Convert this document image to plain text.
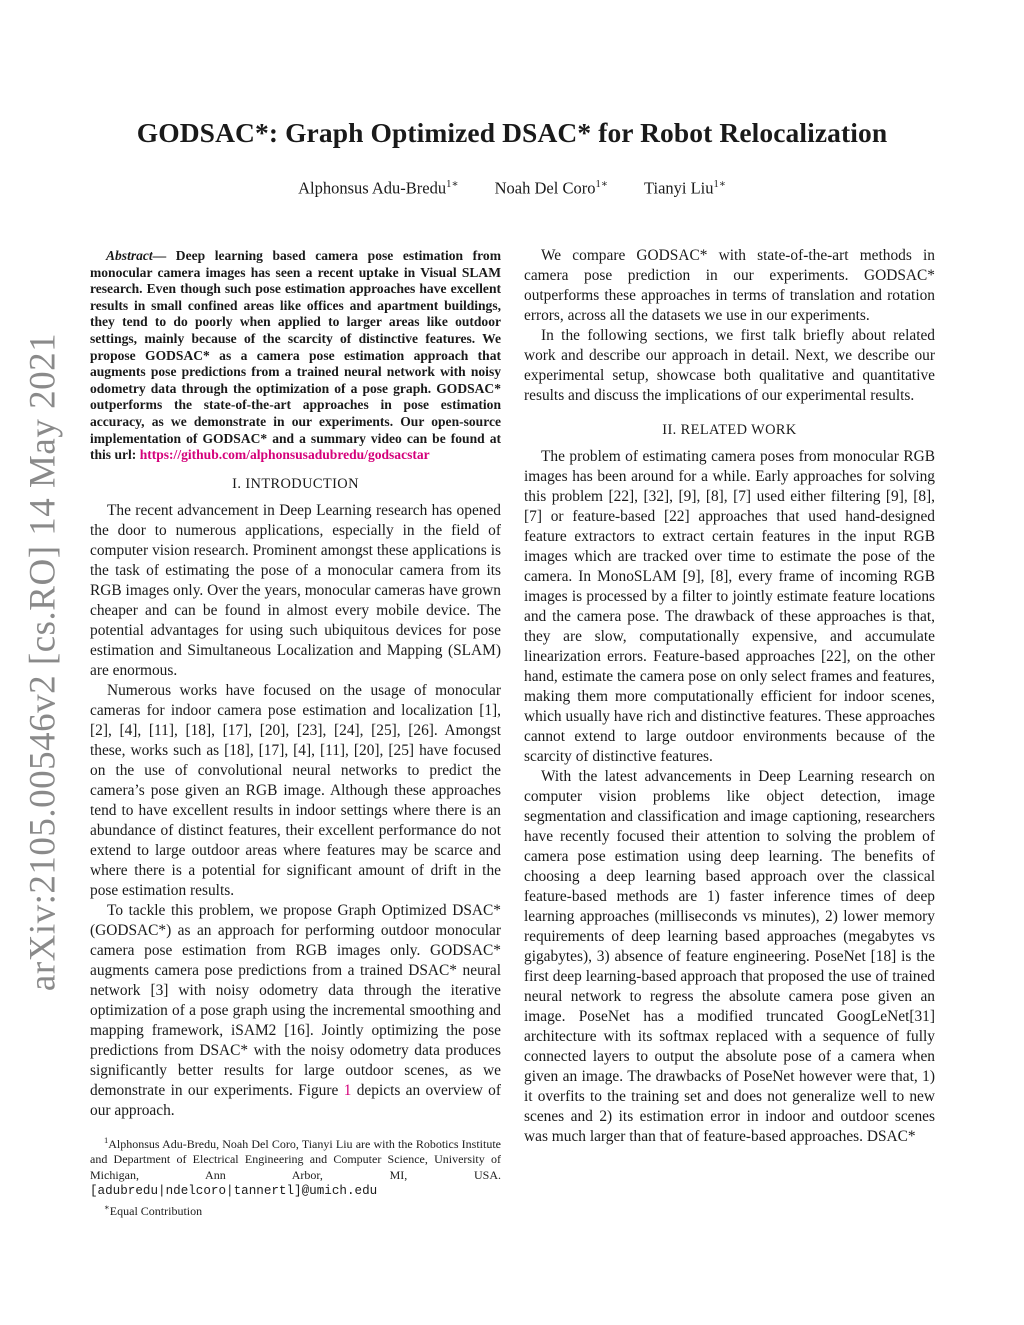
arXiv:2105.00546v2 [cs.RO] 14 May 2021
GODSAC*: Graph Optimized DSAC* for Robot Relocalization
Alphonsus Adu-Bredu$^{1∗}$ Noah Del Coro$^{1∗}$ Tianyi Liu$^{1∗}$

Abstract— Deep learning based camera pose estimation from monocular camera images has seen a recent uptake in Visual SLAM research. Even though such pose estimation approaches have excellent results in small confined areas like offices and apartment buildings, they tend to do poorly when applied to larger areas like outdoor settings, mainly because of the scarcity of distinctive features. We propose GODSAC* as a camera pose estimation approach that augments pose predictions from a trained neural network with noisy odometry data through the optimization of a pose graph. GODSAC* outperforms the state-of-the-art approaches in pose estimation accuracy, as we demonstrate in our experiments. Our open-source implementation of GODSAC* and a summary video can be found at this url: https://github.com/alphonsusadubredu/godsacstar

I. INTRODUCTION

The recent advancement in Deep Learning research has opened the door to numerous applications, especially in the field of computer vision research. Prominent amongst these applications is the task of estimating the pose of a monocular camera from its RGB images only. Over the years, monocular cameras have grown cheaper and can be found in almost every mobile device. The potential advantages for using such ubiquitous devices for pose estimation and Simultaneous Localization and Mapping (SLAM) are enormous.

Numerous works have focused on the usage of monocular cameras for indoor camera pose estimation and localization [1], [2], [4], [11], [18], [17], [20], [23], [24], [25], [26]. Amongst these, works such as [18], [17], [4], [11], [20], [25] have focused on the use of convolutional neural networks to predict the camera’s pose given an RGB image. Although these approaches tend to have excellent results in indoor settings where there is an abundance of distinct features, their excellent performance do not extend to large outdoor areas where features may be scarce and where there is a potential for significant amount of drift in the pose estimation results.

To tackle this problem, we propose Graph Optimized DSAC* (GODSAC*) as an approach for performing outdoor monocular camera pose estimation from RGB images only. GODSAC* augments camera pose predictions from a trained DSAC* neural network [3] with noisy odometry data through the iterative optimization of a pose graph using the incremental smoothing and mapping framework, iSAM2 [16]. Jointly optimizing the pose predictions from DSAC* with the noisy odometry data produces significantly better results for large outdoor scenes, as we demonstrate in our experiments. Figure 1 depicts an overview of our approach.

$^1$Alphonsus Adu-Bredu, Noah Del Coro, Tianyi Liu are with the Robotics Institute and Department of Electrical Engineering and Computer Science, University of Michigan, Ann Arbor, MI, USA. [adubredu|ndelcoro|tannertl]@umich.edu

∗Equal Contribution

We compare GODSAC* with state-of-the-art methods in camera pose prediction in our experiments. GODSAC* outperforms these approaches in terms of translation and rotation errors, across all the datasets we use in our experiments.

In the following sections, we first talk briefly about related work and describe our approach in detail. Next, we describe our experimental setup, showcase both qualitative and quantitative results and discuss the implications of our experimental results.

II. RELATED WORK

The problem of estimating camera poses from monocular RGB images has been around for a while. Early approaches for solving this problem [22], [32], [9], [8], [7] used either filtering [9], [8], [7] or feature-based [22] approaches that used hand-designed feature extractors to extract certain features in the input RGB images which are tracked over time to estimate the pose of the camera. In MonoSLAM [9], [8], every frame of incoming RGB images is processed by a filter to jointly estimate feature locations and the camera pose. The drawback of these approaches is that, they are slow, computationally expensive, and accumulate linearization errors. Feature-based approaches [22], on the other hand, estimate the camera pose on only select frames and features, making them more computationally efficient for indoor scenes, which usually have rich and distinctive features. These approaches cannot extend to large outdoor environments because of the scarcity of distinctive features.

With the latest advancements in Deep Learning research on computer vision problems like object detection, image segmentation and classification and image captioning, researchers have recently focused their attention to solving the problem of camera pose estimation using deep learning. The benefits of choosing a deep learning based approach over the classical feature-based methods are 1) faster inference times of deep learning approaches (milliseconds vs minutes), 2) lower memory requirements of deep learning based approaches (megabytes vs gigabytes), 3) absence of feature engineering. PoseNet [18] is the first deep learning-based approach that proposed the use of trained neural network to regress the absolute camera pose given an image. PoseNet has a modified truncated GoogLeNet[31] architecture with its softmax replaced with a sequence of fully connected layers to output the absolute pose of a camera when given an image. The drawbacks of PoseNet however were that, 1) it overfits to the training set and does not generalize well to new scenes and 2) its estimation error in indoor and outdoor scenes was much larger than that of feature-based approaches. DSAC*
